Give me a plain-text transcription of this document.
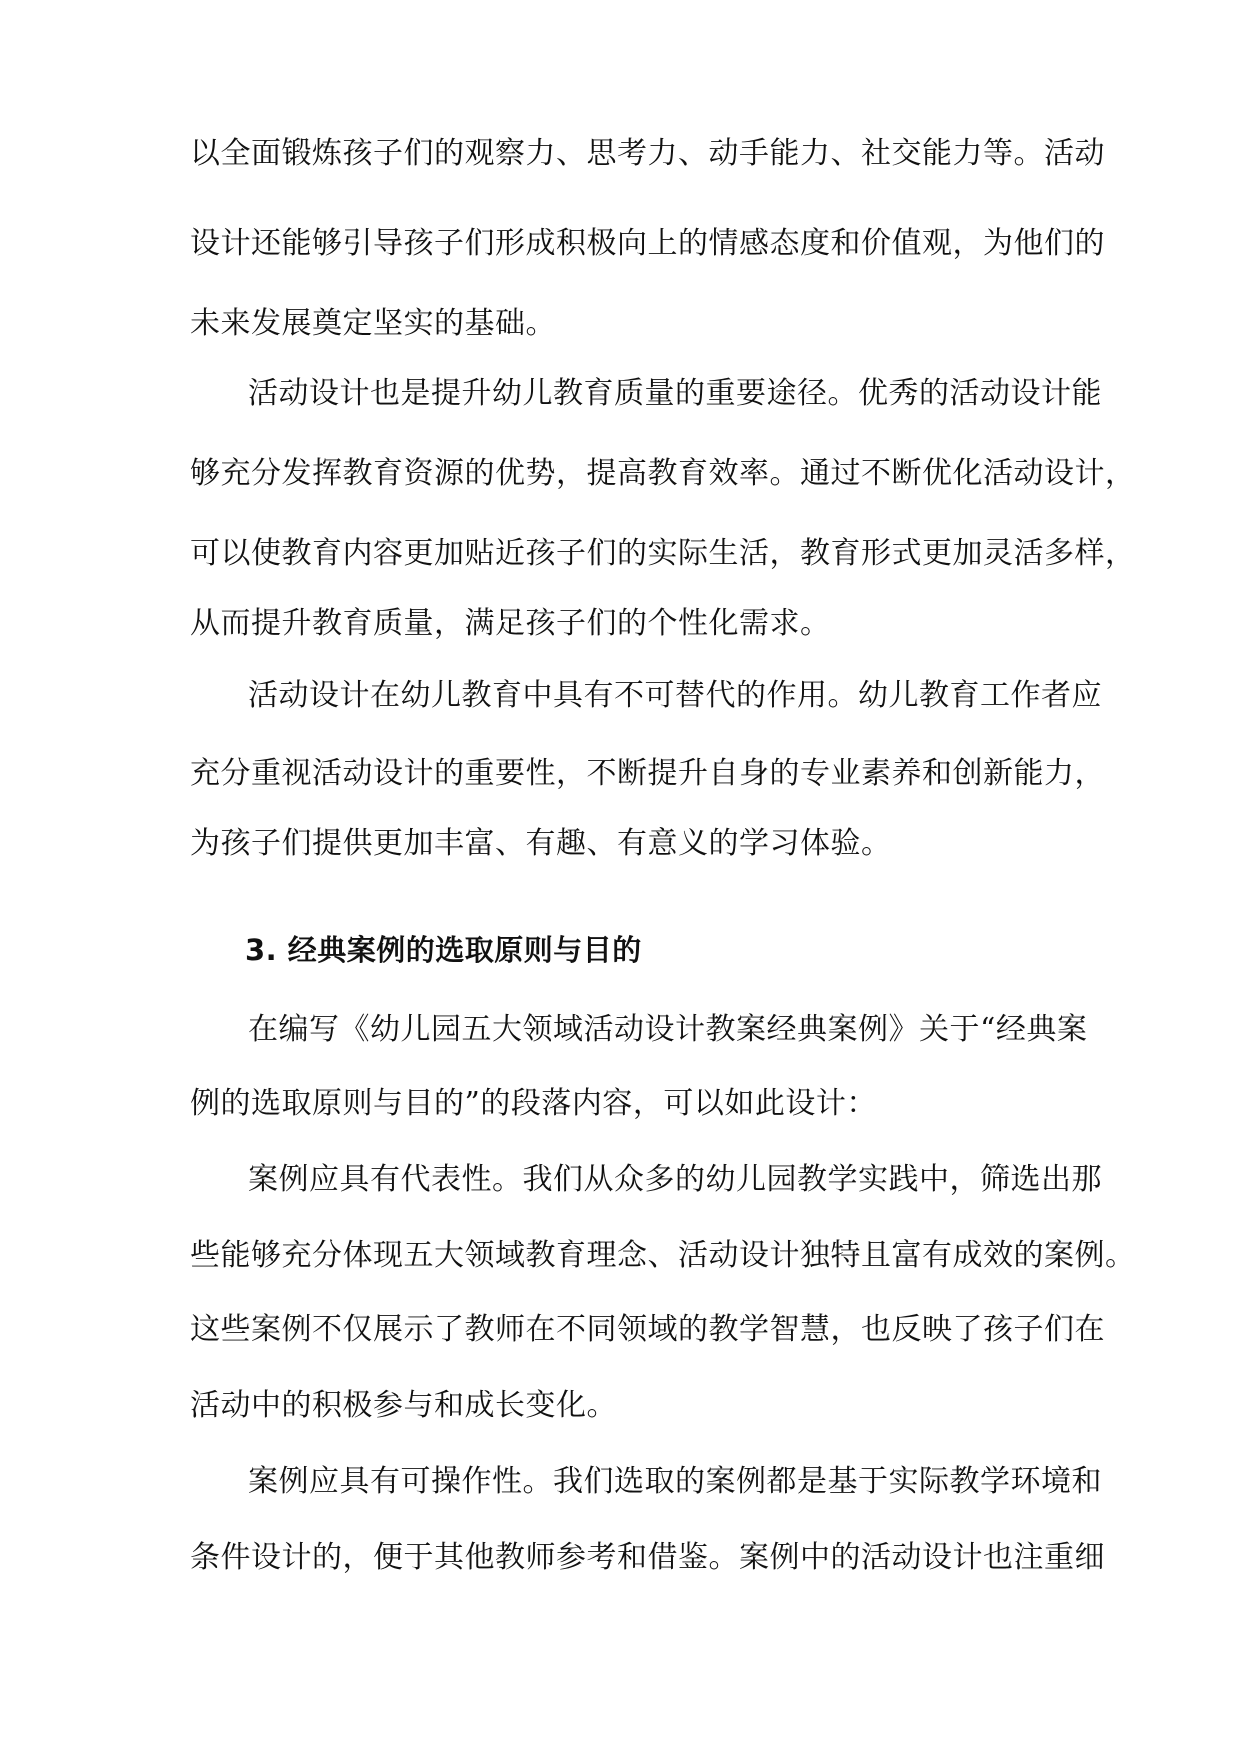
以全面锻炼孩子们的观察力、思考力、动手能力、社交能力等。活动
设计还能够引导孩子们形成积极向上的情感态度和价值观，为他们的
未来发展奠定坚实的基础。
活动设计也是提升幼儿教育质量的重要途径。优秀的活动设计能
够充分发挥教育资源的优势，提高教育效率。通过不断优化活动设计，
可以使教育内容更加贴近孩子们的实际生活，教育形式更加灵活多样，
从而提升教育质量，满足孩子们的个性化需求。
活动设计在幼儿教育中具有不可替代的作用。幼儿教育工作者应
充分重视活动设计的重要性，不断提升自身的专业素养和创新能力，
为孩子们提供更加丰富、有趣、有意义的学习体验。
3. 经典案例的选取原则与目的
在编写《幼儿园五大领域活动设计教案经典案例》关于“经典案
例的选取原则与目的”的段落内容，可以如此设计：
案例应具有代表性。我们从众多的幼儿园教学实践中，筛选出那
些能够充分体现五大领域教育理念、活动设计独特且富有成效的案例。
这些案例不仅展示了教师在不同领域的教学智慧，也反映了孩子们在
活动中的积极参与和成长变化。
案例应具有可操作性。我们选取的案例都是基于实际教学环境和
条件设计的，便于其他教师参考和借鉴。案例中的活动设计也注重细
